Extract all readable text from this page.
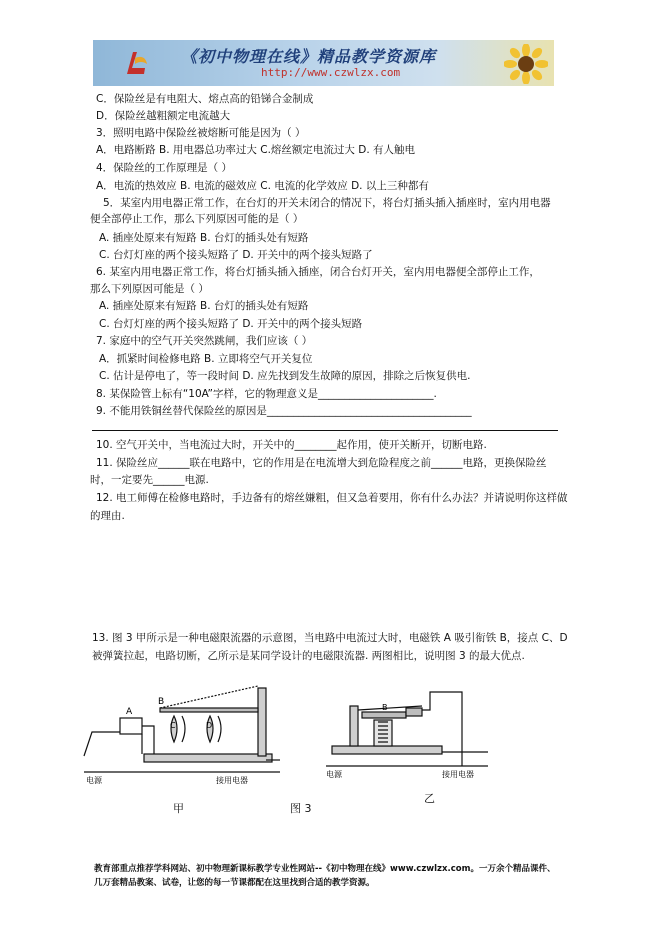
《初中物理在线》精品教学资源库
http://www.czwlzx.com
C．保险丝是有电阻大、熔点高的铅锑合金制成
D．保险丝越粗额定电流越大
3．照明电路中保险丝被熔断可能是因为（ ）
A．电路断路 B. 用电器总功率过大 C.熔丝额定电流过大 D. 有人触电
4．保险丝的工作原理是（ ）
A．电流的热效应 B. 电流的磁效应 C. 电流的化学效应 D. 以上三种都有
5．某室内用电器正常工作，在台灯的开关未闭合的情况下，将台灯插头插入插座时，室内用电器
便全部停止工作，那么下列原因可能的是（ ）
A. 插座处原来有短路 B. 台灯的插头处有短路
C. 台灯灯座的两个接头短路了 D. 开关中的两个接头短路了
6. 某室内用电器正常工作，将台灯插头插入插座，闭合台灯开关，室内用电器便全部停止工作，
那么下列原因可能是（ ）
A. 插座处原来有短路 B. 台灯的插头处有短路
C. 台灯灯座的两个接头短路了 D. 开关中的两个接头短路
7. 家庭中的空气开关突然跳闸，我们应该（ ）
A．抓紧时间检修电路 B. 立即将空气开关复位
C. 估计是停电了，等一段时间 D. 应先找到发生故障的原因，排除之后恢复供电.
8. 某保险管上标有“10A”字样，它的物理意义是______________________.
9. 不能用铁铜丝替代保险丝的原因是_______________________________________
10. 空气开关中，当电流过大时，开关中的________起作用，使开关断开，切断电路.
11. 保险丝应______联在电路中，它的作用是在电流增大到危险程度之前______电路，更换保险丝
时，一定要先______电源.
12. 电工师傅在检修电路时，手边备有的熔丝嫌粗，但又急着要用，你有什么办法？并请说明你这样做
的理由.
13. 图 3 甲所示是一种电磁限流器的示意图，当电路中电流过大时，电磁铁 A 吸引衔铁 B，接点 C、D
被弹簧拉起，电路切断，乙所示是某同学设计的电磁限流器. 两图相比，说明图 3 的最大优点.
A
B
C	D
电源	接用电器
B
电源	接用电器
甲	图 3
乙
教育部重点推荐学科网站、初中物理新课标教学专业性网站--《初中物理在线》www.czwlzx.com。一万余个精品课件、
几万套精品教案、试卷，让您的每一节课都配在这里找到合适的教学资源。
